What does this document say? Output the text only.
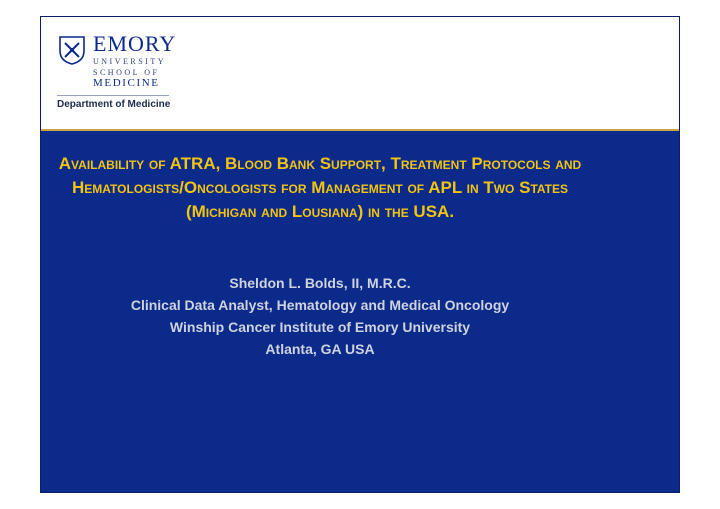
EMORY
UNIVERSITY
SCHOOL OF
MEDICINE
Department of Medicine
Availability of ATRA, Blood Bank Support, Treatment Protocols and Hematologists/Oncologists for Management of APL in Two States (Michigan and Lousiana) in the USA.
Sheldon L. Bolds, II, M.R.C.
Clinical Data Analyst, Hematology and Medical Oncology
Winship Cancer Institute of Emory University
Atlanta, GA USA
